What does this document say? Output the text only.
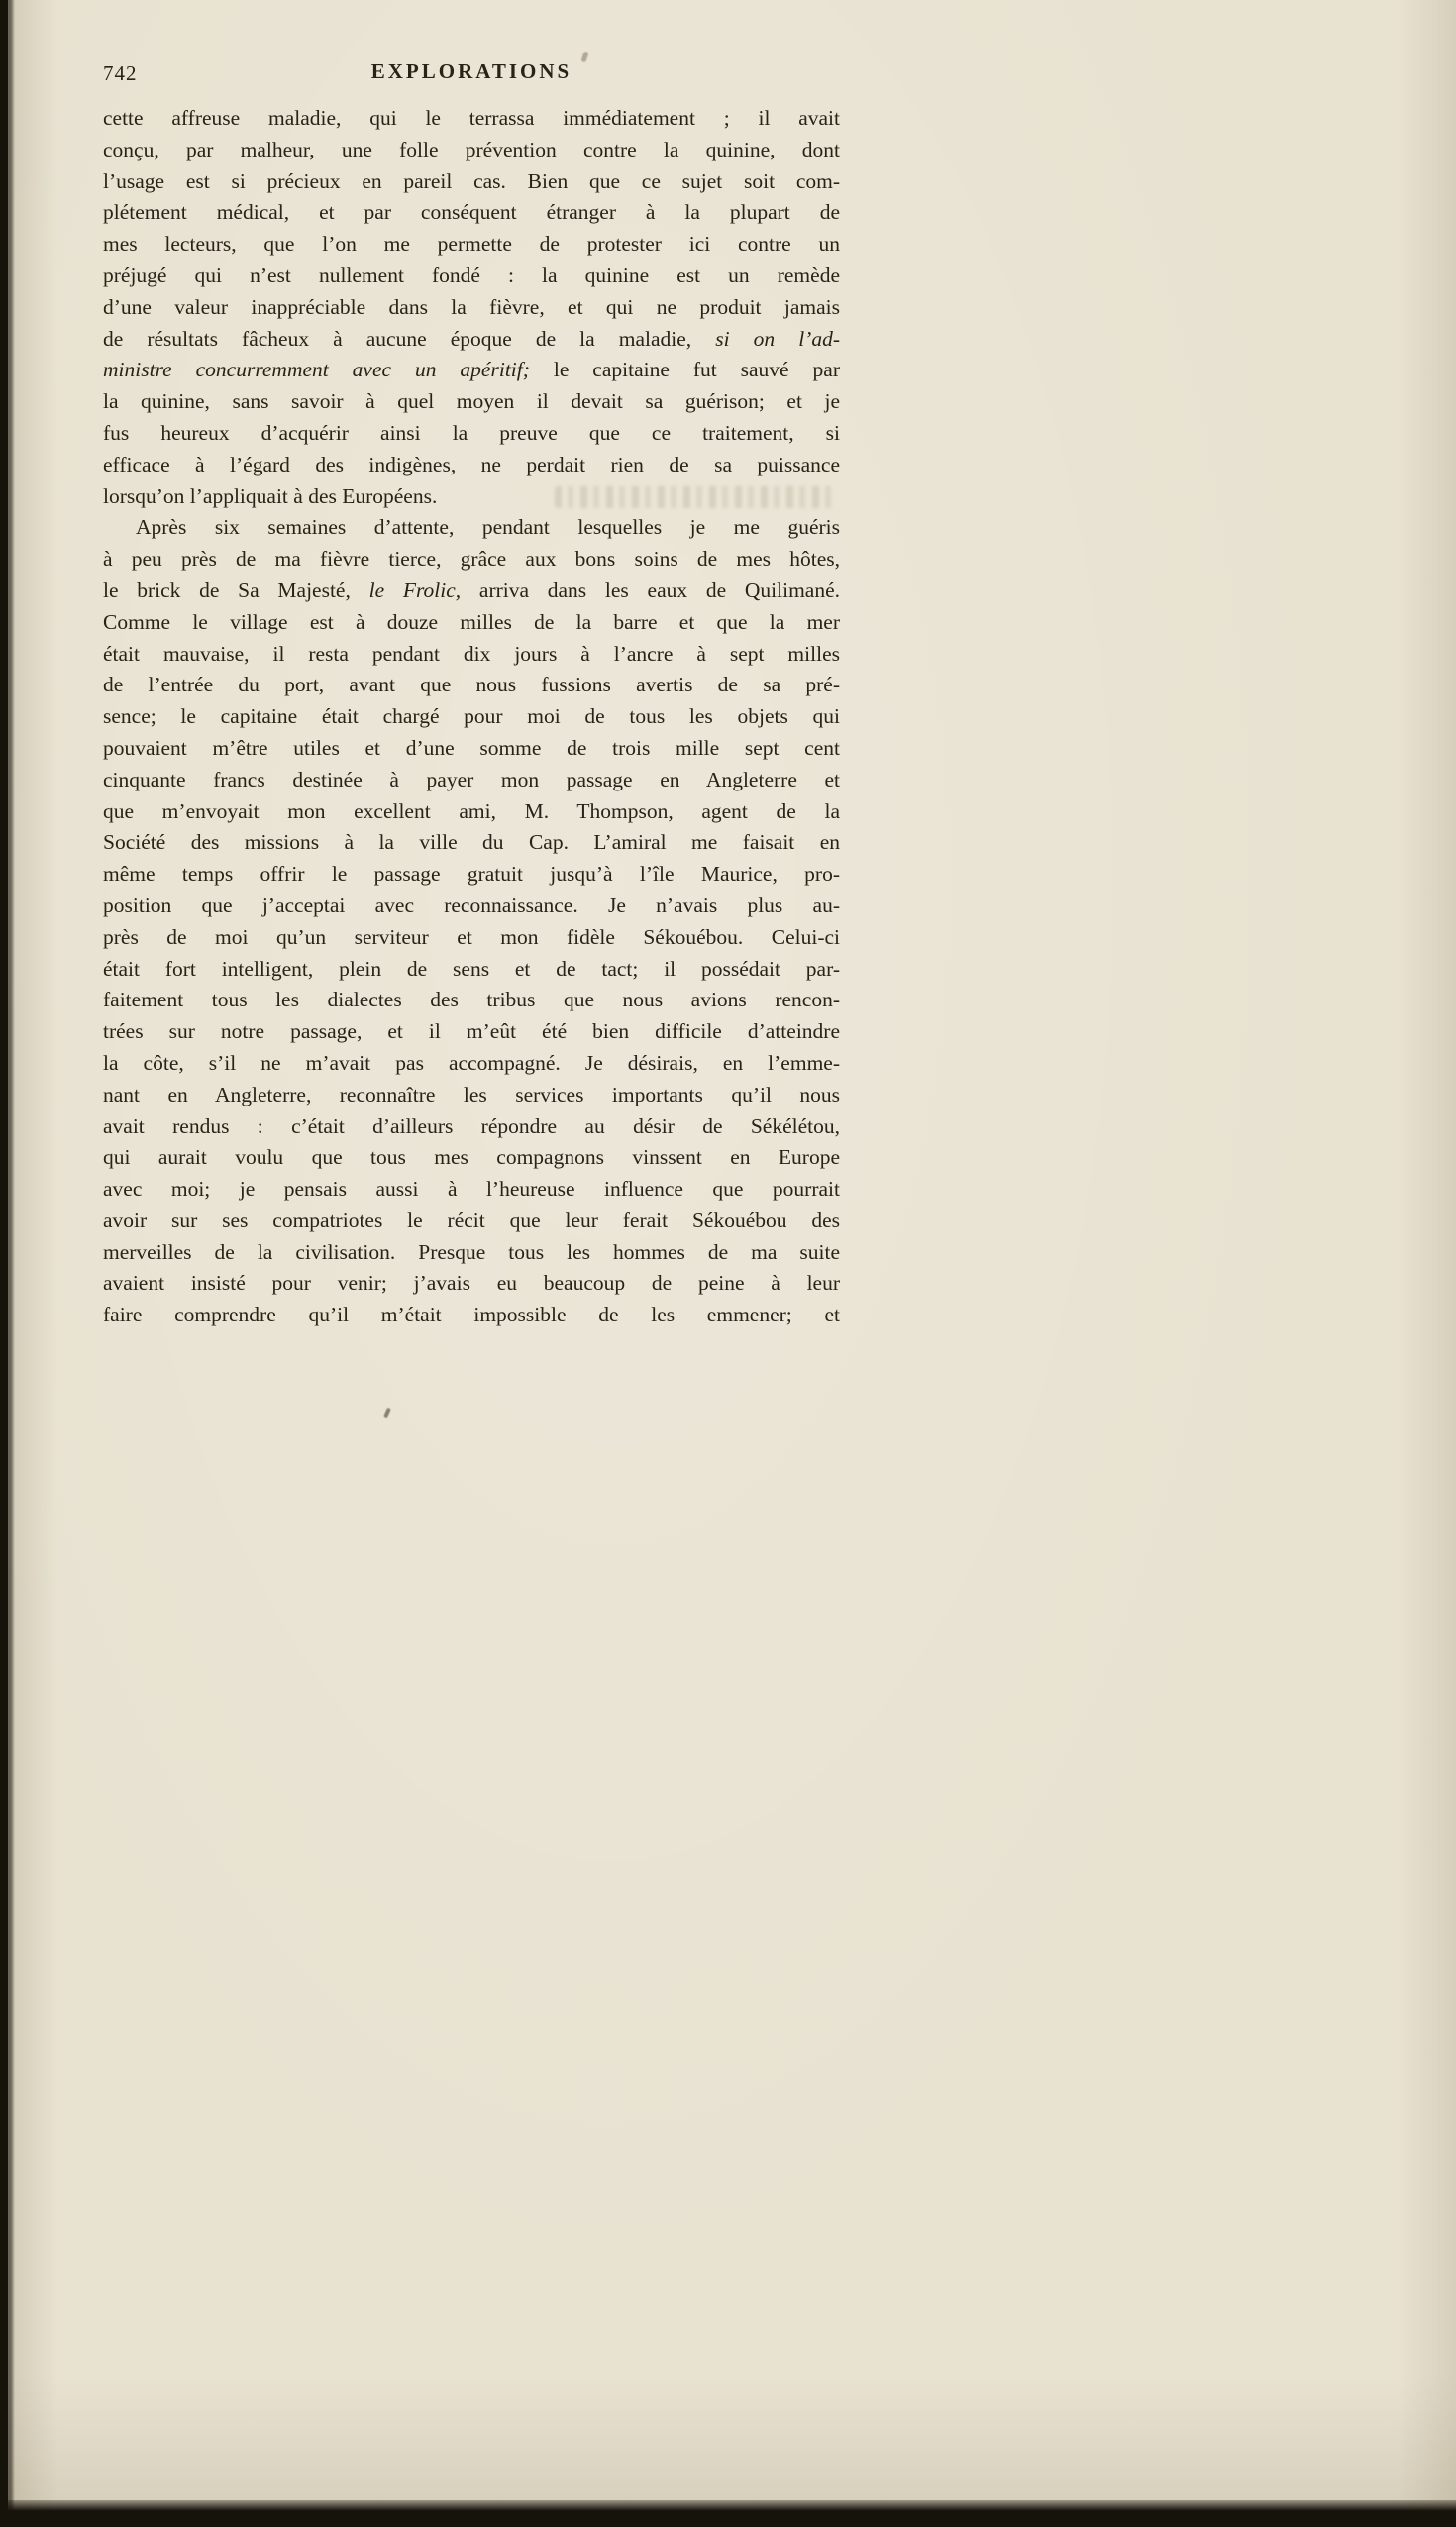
742	EXPLORATIONS
cette affreuse maladie, qui le terrassa immédiatement ; il avait
conçu, par malheur, une folle prévention contre la quinine, dont
l’usage est si précieux en pareil cas. Bien que ce sujet soit com-
plétement médical, et par conséquent étranger à la plupart de
mes lecteurs, que l’on me permette de protester ici contre un
préjugé qui n’est nullement fondé : la quinine est un remède
d’une valeur inappréciable dans la fièvre, et qui ne produit jamais
de résultats fâcheux à aucune époque de la maladie, si on l’ad-
ministre concurremment avec un apéritif; le capitaine fut sauvé par
la quinine, sans savoir à quel moyen il devait sa guérison; et je
fus heureux d’acquérir ainsi la preuve que ce traitement, si
efficace à l’égard des indigènes, ne perdait rien de sa puissance
lorsqu’on l’appliquait à des Européens.
Après six semaines d’attente, pendant lesquelles je me guéris
à peu près de ma fièvre tierce, grâce aux bons soins de mes hôtes,
le brick de Sa Majesté, le Frolic, arriva dans les eaux de Quilimané.
Comme le village est à douze milles de la barre et que la mer
était mauvaise, il resta pendant dix jours à l’ancre à sept milles
de l’entrée du port, avant que nous fussions avertis de sa pré-
sence; le capitaine était chargé pour moi de tous les objets qui
pouvaient m’être utiles et d’une somme de trois mille sept cent
cinquante francs destinée à payer mon passage en Angleterre et
que m’envoyait mon excellent ami, M. Thompson, agent de la
Société des missions à la ville du Cap. L’amiral me faisait en
même temps offrir le passage gratuit jusqu’à l’île Maurice, pro-
position que j’acceptai avec reconnaissance. Je n’avais plus au-
près de moi qu’un serviteur et mon fidèle Sékouébou. Celui-ci
était fort intelligent, plein de sens et de tact; il possédait par-
faitement tous les dialectes des tribus que nous avions rencon-
trées sur notre passage, et il m’eût été bien difficile d’atteindre
la côte, s’il ne m’avait pas accompagné. Je désirais, en l’emme-
nant en Angleterre, reconnaître les services importants qu’il nous
avait rendus : c’était d’ailleurs répondre au désir de Sékélétou,
qui aurait voulu que tous mes compagnons vinssent en Europe
avec moi; je pensais aussi à l’heureuse influence que pourrait
avoir sur ses compatriotes le récit que leur ferait Sékouébou des
merveilles de la civilisation. Presque tous les hommes de ma suite
avaient insisté pour venir; j’avais eu beaucoup de peine à leur
faire comprendre qu’il m’était impossible de les emmener; et
